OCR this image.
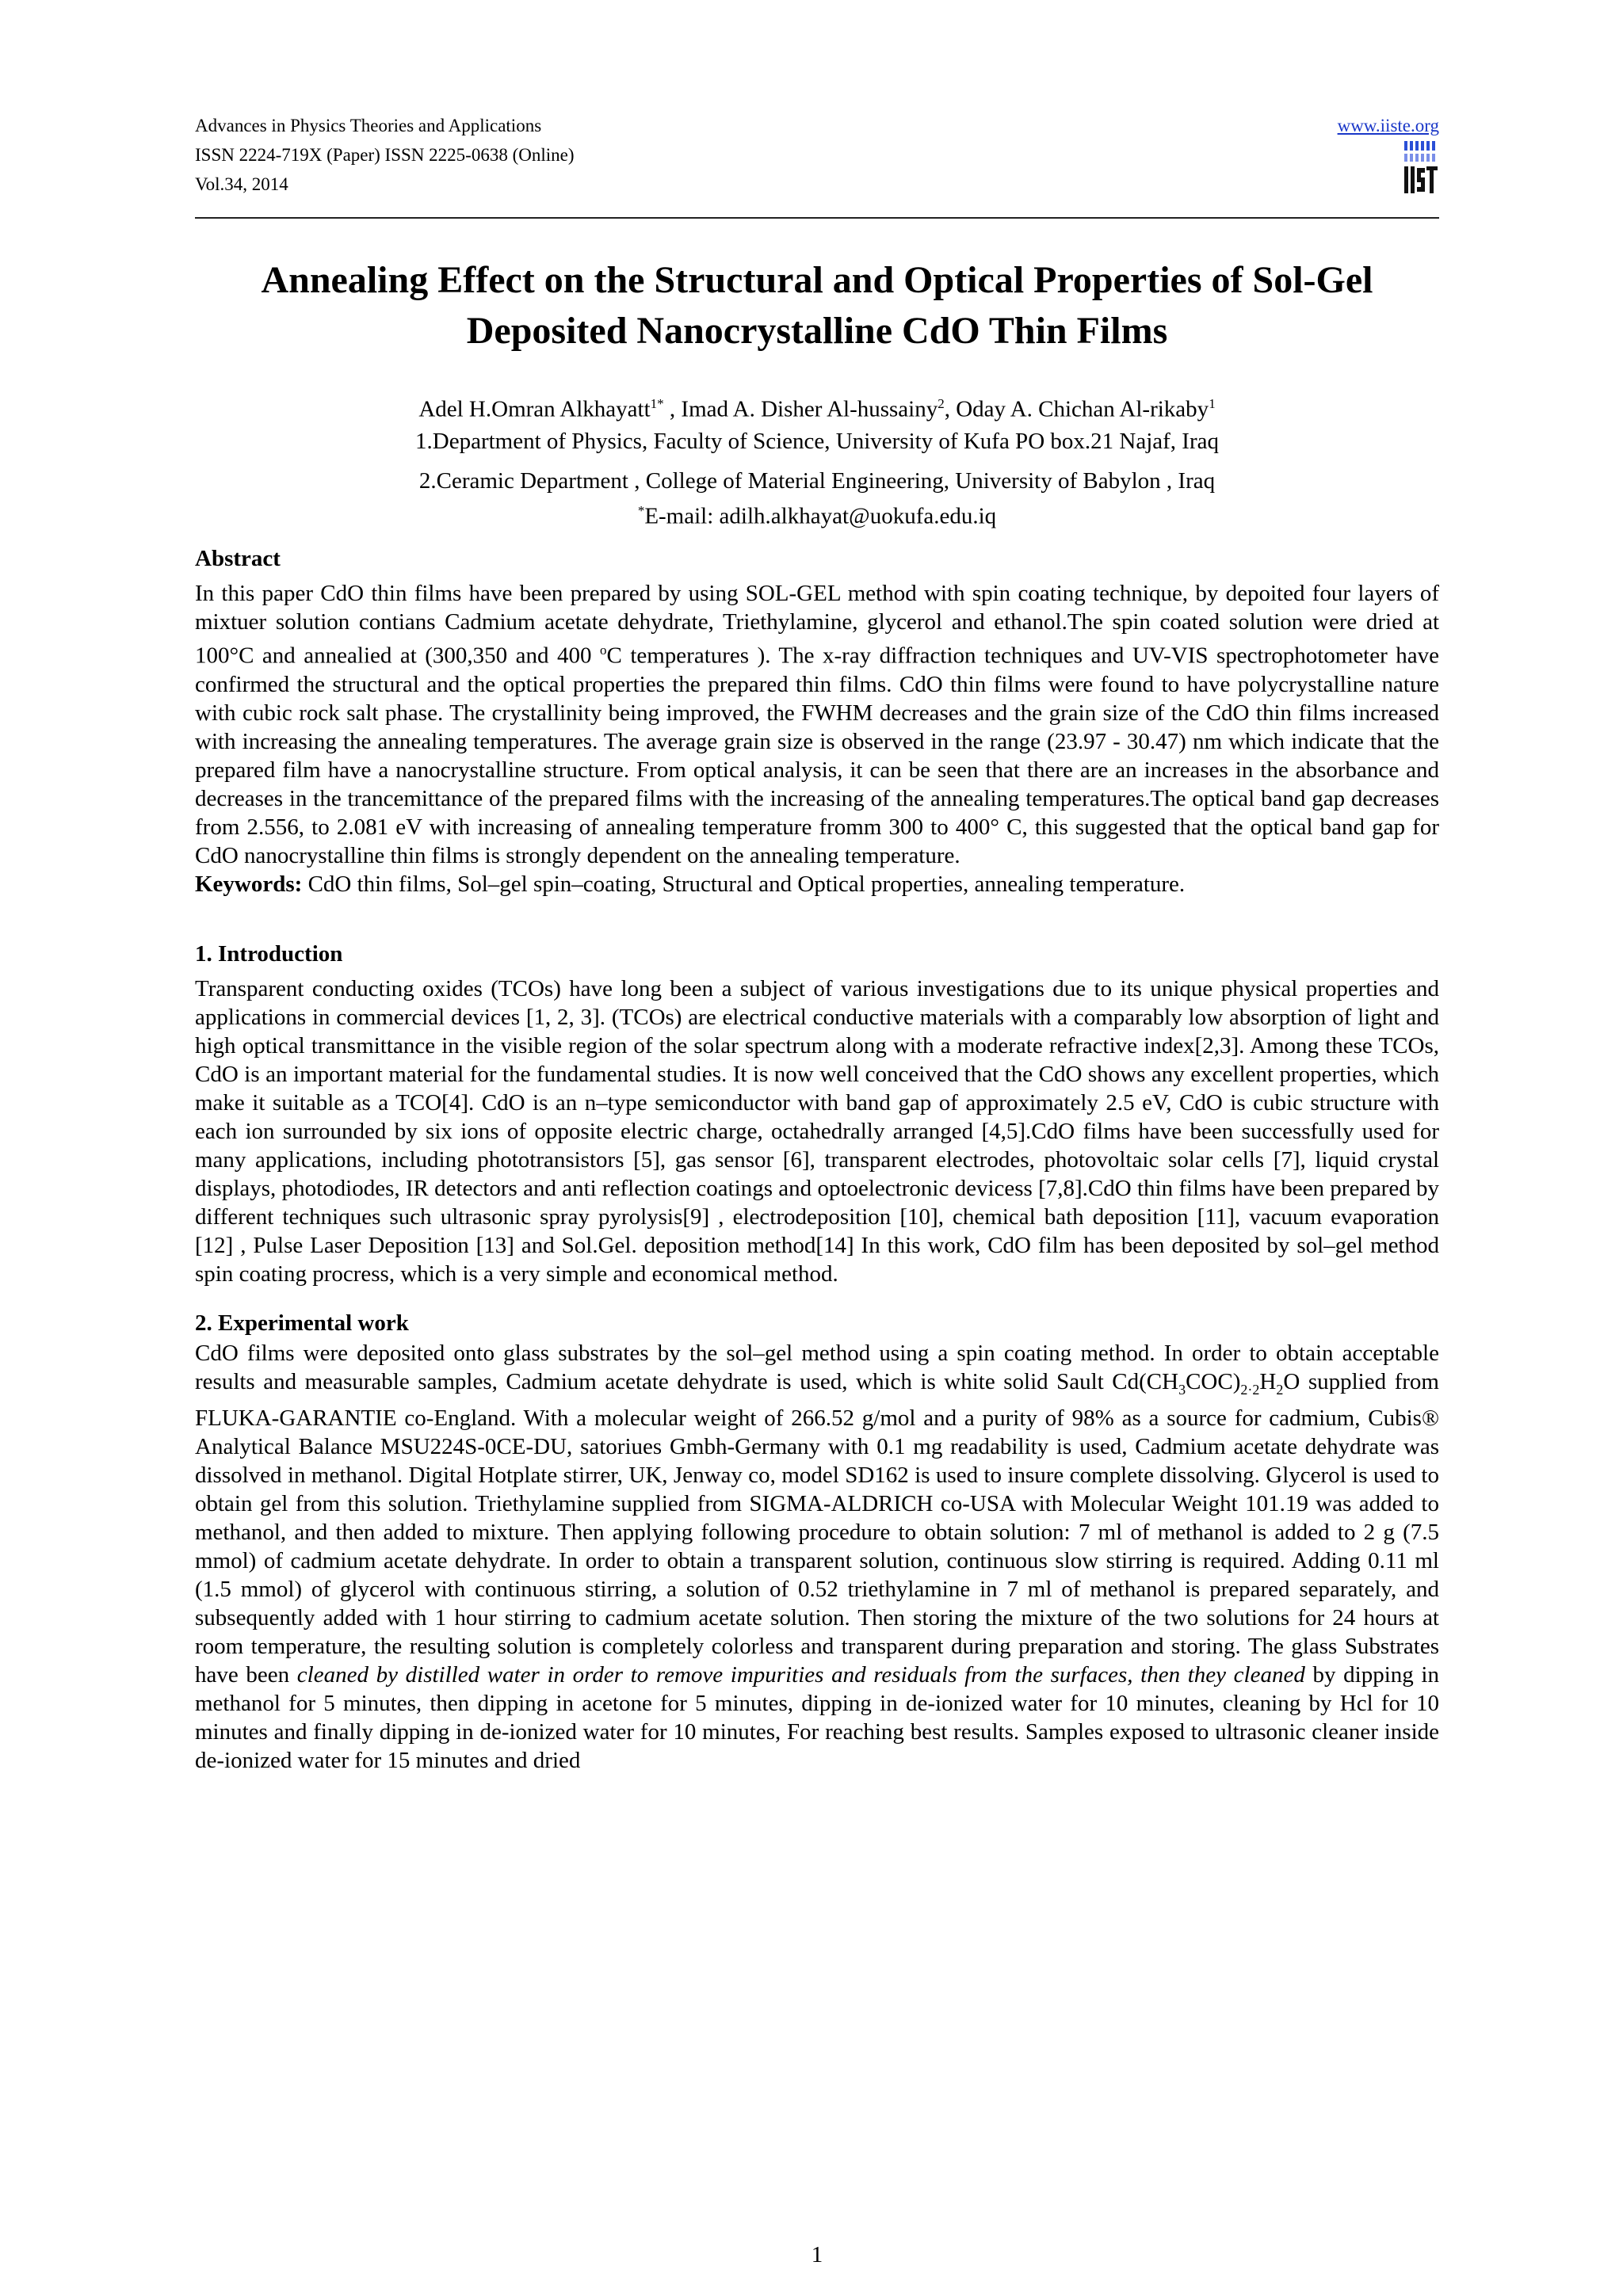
Advances in Physics Theories and Applications
ISSN 2224-719X (Paper) ISSN 2225-0638 (Online)
Vol.34, 2014
www.iiste.org
Annealing Effect on the Structural and Optical Properties of Sol-Gel Deposited Nanocrystalline CdO Thin Films
Adel H.Omran Alkhayatt$^{1*}$ , Imad A. Disher Al-hussainy$^2$, Oday A. Chichan Al-rikaby$^1$
1.Department of Physics, Faculty of Science, University of Kufa PO box.21 Najaf, Iraq
2.Ceramic Department , College of Material Engineering, University of Babylon , Iraq
*E-mail: adilh.alkhayat@uokufa.edu.iq
Abstract

In this paper CdO thin films have been prepared by using SOL-GEL method with spin coating technique, by depoited four layers of mixtuer solution contians Cadmium acetate dehydrate, Triethylamine, glycerol and ethanol.The spin coated solution were dried at 100°C and annealied at (300,350 and 400 $^o$C temperatures ). The x-ray diffraction techniques and UV-VIS spectrophotometer have confirmed the structural and the optical properties the prepared thin films. CdO thin films were found to have polycrystalline nature with cubic rock salt phase. The crystallinity being improved, the FWHM decreases and the grain size of the CdO thin films increased with increasing the annealing temperatures. The average grain size is observed in the range (23.97 - 30.47) nm which indicate that the prepared film have a nanocrystalline structure. From optical analysis, it can be seen that there are an increases in the absorbance and decreases in the trancemittance of the prepared films with the increasing of the annealing temperatures.The optical band gap decreases from 2.556, to 2.081 eV with increasing of annealing temperature fromm 300 to 400° C, this suggested that the optical band gap for CdO nanocrystalline thin films is strongly dependent on the annealing temperature.

Keywords: CdO thin films, Sol–gel spin–coating, Structural and Optical properties, annealing temperature.

1. Introduction

Transparent conducting oxides (TCOs) have long been a subject of various investigations due to its unique physical properties and applications in commercial devices [1, 2, 3]. (TCOs) are electrical conductive materials with a comparably low absorption of light and high optical transmittance in the visible region of the solar spectrum along with a moderate refractive index[2,3]. Among these TCOs, CdO is an important material for the fundamental studies. It is now well conceived that the CdO shows any excellent properties, which make it suitable as a TCO[4]. CdO is an n–type semiconductor with band gap of approximately 2.5 eV, CdO is cubic structure with each ion surrounded by six ions of opposite electric charge, octahedrally arranged [4,5].CdO films have been successfully used for many applications, including phototransistors [5], gas sensor [6], transparent electrodes, photovoltaic solar cells [7], liquid crystal displays, photodiodes, IR detectors and anti reflection coatings and optoelectronic devicess [7,8].CdO thin films have been prepared by different techniques such ultrasonic spray pyrolysis[9] , electrodeposition [10], chemical bath deposition [11], vacuum evaporation [12] , Pulse Laser Deposition [13] and Sol.Gel. deposition method[14] In this work, CdO film has been deposited by sol–gel method spin coating procress, which is a very simple and economical method.

2. Experimental work

CdO films were deposited onto glass substrates by the sol–gel method using a spin coating method. In order to obtain acceptable results and measurable samples, Cadmium acetate dehydrate is used, which is white solid Sault $Cd(CH_3COC)_{2\cdot 2}H_2O$ supplied from FLUKA-GARANTIE co-England. With a molecular weight of 266.52 g/mol and a purity of 98% as a source for cadmium, Cubis® Analytical Balance MSU224S-0CE-DU, satoriues Gmbh-Germany with 0.1 mg readability is used, Cadmium acetate dehydrate was dissolved in methanol. Digital Hotplate stirrer, UK, Jenway co, model SD162 is used to insure complete dissolving. Glycerol is used to obtain gel from this solution. Triethylamine supplied from SIGMA-ALDRICH co-USA with Molecular Weight 101.19 was added to methanol, and then added to mixture. Then applying following procedure to obtain solution: 7 ml of methanol is added to 2 g (7.5 mmol) of cadmium acetate dehydrate. In order to obtain a transparent solution, continuous slow stirring is required. Adding 0.11 ml (1.5 mmol) of glycerol with continuous stirring, a solution of 0.52 triethylamine in 7 ml of methanol is prepared separately, and subsequently added with 1 hour stirring to cadmium acetate solution. Then storing the mixture of the two solutions for 24 hours at room temperature, the resulting solution is completely colorless and transparent during preparation and storing. The glass Substrates have been cleaned by distilled water in order to remove impurities and residuals from the surfaces, then they cleaned by dipping in methanol for 5 minutes, then dipping in acetone for 5 minutes, dipping in de-ionized water for 10 minutes, cleaning by Hcl for 10 minutes and finally dipping in de-ionized water for 10 minutes, For reaching best results. Samples exposed to ultrasonic cleaner inside de-ionized water for 15 minutes and dried

1
